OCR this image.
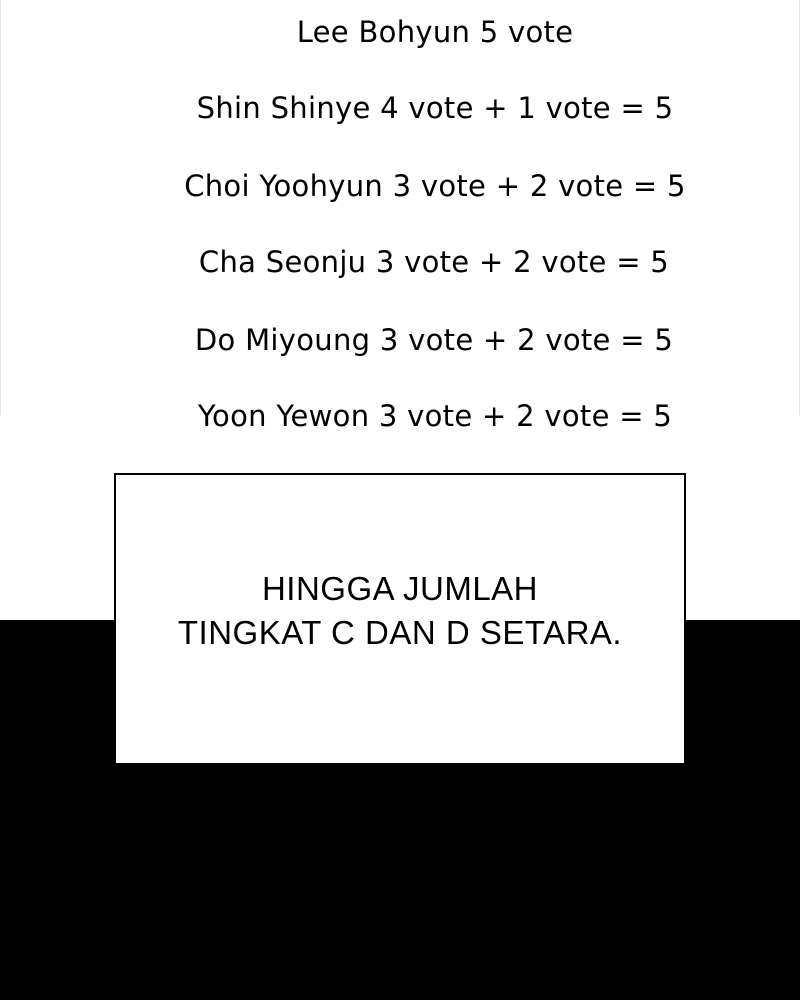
Lee Bohyun 5 vote
Shin Shinye 4 vote + 1 vote = 5
Choi Yoohyun 3 vote + 2 vote = 5
Cha Seonju 3 vote + 2 vote = 5
Do Miyoung 3 vote + 2 vote = 5
Yoon Yewon 3 vote + 2 vote = 5
HINGGA JUMLAH
TINGKAT C DAN D SETARA.
